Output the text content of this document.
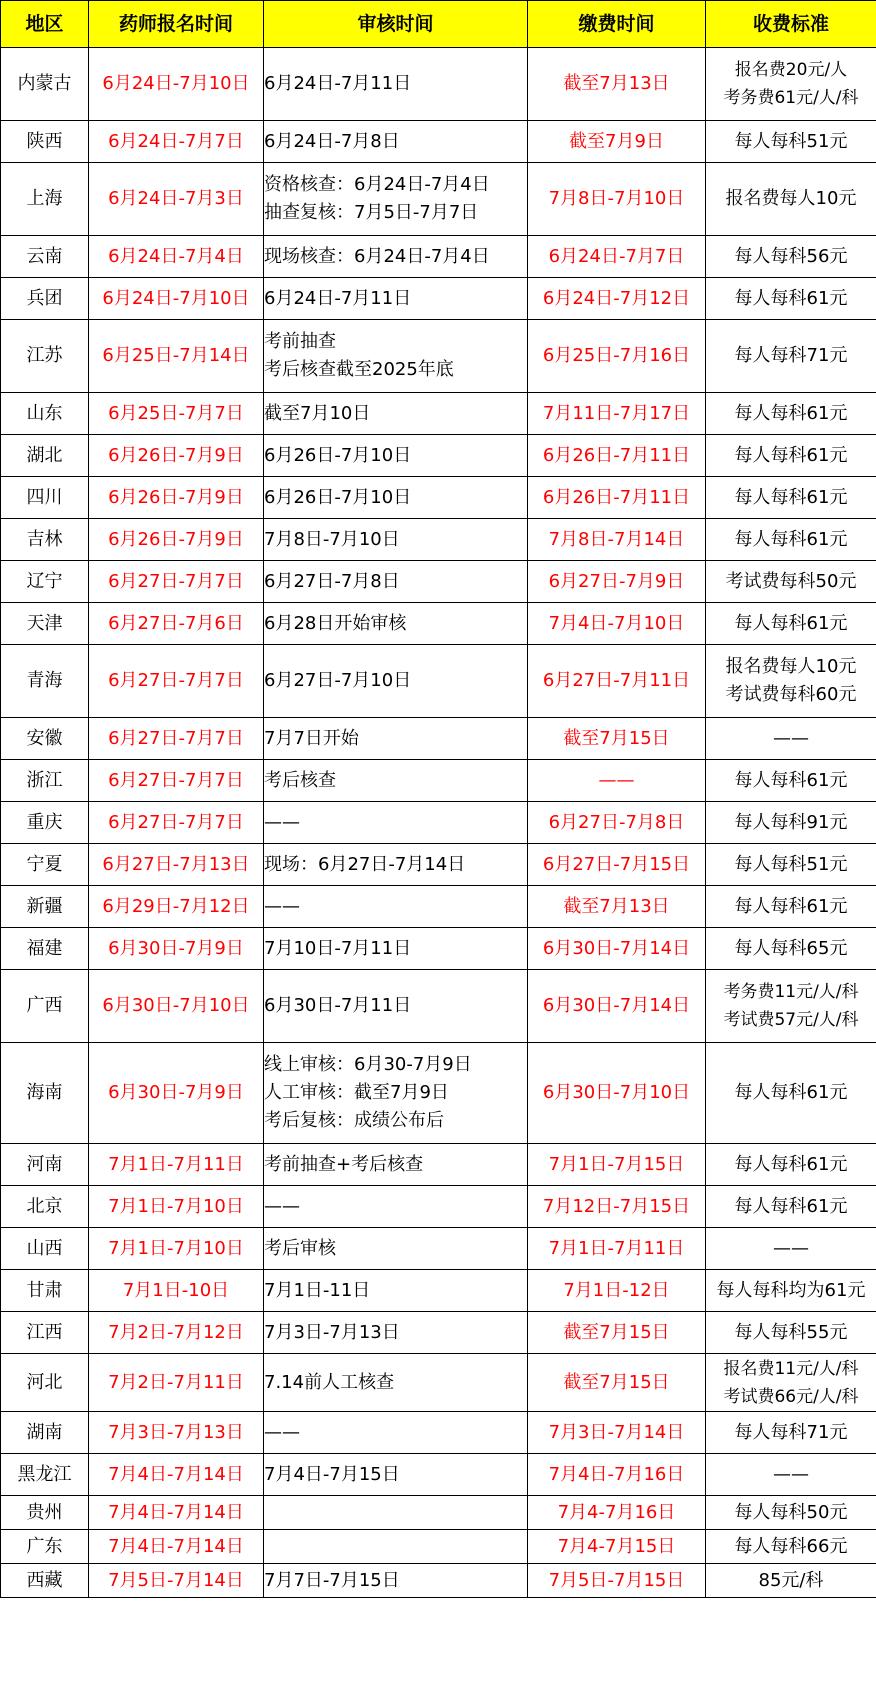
地区	药师报名时间	审核时间	缴费时间	收费标准
内蒙古	6月24日-7月10日	6月24日-7月11日	截至7月13日	报名费20元/人
考务费61元/人/科

陕西	6月24日-7月7日	6月24日-7月8日	截至7月9日	每人每科51元

上海	6月24日-7月3日	资格核查：6月24日-7月4日
抽查复核：7月5日-7月7日	7月8日-7月10日	报名费每人10元

云南	6月24日-7月4日	现场核查：6月24日-7月4日	6月24日-7月7日	每人每科56元

兵团	6月24日-7月10日	6月24日-7月11日	6月24日-7月12日	每人每科61元

江苏	6月25日-7月14日	考前抽查
考后核查截至2025年底	6月25日-7月16日	每人每科71元

山东	6月25日-7月7日	截至7月10日	7月11日-7月17日	每人每科61元

湖北	6月26日-7月9日	6月26日-7月10日	6月26日-7月11日	每人每科61元

四川	6月26日-7月9日	6月26日-7月10日	6月26日-7月11日	每人每科61元

吉林	6月26日-7月9日	7月8日-7月10日	7月8日-7月14日	每人每科61元

辽宁	6月27日-7月7日	6月27日-7月8日	6月27日-7月9日	考试费每科50元

天津	6月27日-7月6日	6月28日开始审核	7月4日-7月10日	每人每科61元

青海	6月27日-7月7日	6月27日-7月10日	6月27日-7月11日	报名费每人10元
考试费每科60元

安徽	6月27日-7月7日	7月7日开始	截至7月15日	——

浙江	6月27日-7月7日	考后核查	——	每人每科61元

重庆	6月27日-7月7日	——	6月27日-7月8日	每人每科91元

宁夏	6月27日-7月13日	现场：6月27日-7月14日	6月27日-7月15日	每人每科51元

新疆	6月29日-7月12日	——	截至7月13日	每人每科61元

福建	6月30日-7月9日	7月10日-7月11日	6月30日-7月14日	每人每科65元

广西	6月30日-7月10日	6月30日-7月11日	6月30日-7月14日	考务费11元/人/科
考试费57元/人/科

海南	6月30日-7月9日	线上审核：6月30-7月9日
人工审核：截至7月9日
考后复核：成绩公布后	6月30日-7月10日	每人每科61元

河南	7月1日-7月11日	考前抽查+考后核查	7月1日-7月15日	每人每科61元

北京	7月1日-7月10日	——	7月12日-7月15日	每人每科61元

山西	7月1日-7月10日	考后审核	7月1日-7月11日	——

甘肃	7月1日-10日	7月1日-11日	7月1日-12日	每人每科均为61元

江西	7月2日-7月12日	7月3日-7月13日	截至7月15日	每人每科55元

河北	7月2日-7月11日	7.14前人工核查	截至7月15日	报名费11元/人/科
考试费66元/人/科

湖南	7月3日-7月13日	——	7月3日-7月14日	每人每科71元

黑龙江	7月4日-7月14日	7月4日-7月15日	7月4日-7月16日	——

贵州	7月4日-7月14日		7月4-7月16日	每人每科50元

广东	7月4日-7月14日		7月4-7月15日	每人每科66元

西藏	7月5日-7月14日	7月7日-7月15日	7月5日-7月15日	85元/科
